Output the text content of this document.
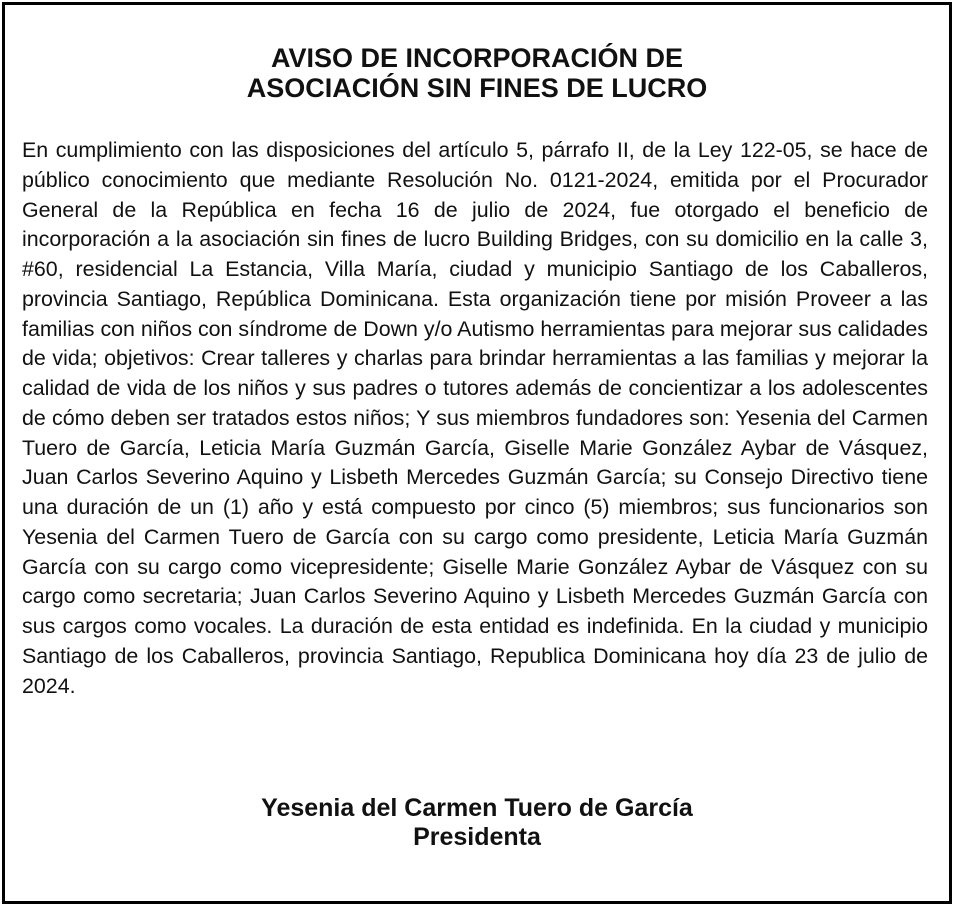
AVISO DE INCORPORACIÓN DE
ASOCIACIÓN SIN FINES DE LUCRO

En cumplimiento con las disposiciones del artículo 5, párrafo II, de la Ley 122-05, se hace de público conocimiento que mediante Resolución No. 0121-2024, emitida por el Procurador General de la República en fecha 16 de julio de 2024, fue otorgado el beneficio de incorporación a la asociación sin fines de lucro Building Bridges, con su domicilio en la calle 3, #60, residencial La Estancia, Villa María, ciudad y municipio Santiago de los Caballeros, provincia Santiago, República Dominicana. Esta organización tiene por misión Proveer a las familias con niños con síndrome de Down y/o Autismo herramientas para mejorar sus calidades de vida; objetivos: Crear talleres y charlas para brindar herramientas a las familias y mejorar la calidad de vida de los niños y sus padres o tutores además de concientizar a los adolescentes de cómo deben ser tratados estos niños; Y sus miembros fundadores son: Yesenia del Carmen Tuero de García, Leticia María Guzmán García, Giselle Marie González Aybar de Vásquez, Juan Carlos Severino Aquino y Lisbeth Mercedes Guzmán García; su Consejo Directivo tiene una duración de un (1) año y está compuesto por cinco (5) miembros; sus funcionarios son Yesenia del Carmen Tuero de García con su cargo como presidente, Leticia María Guzmán García con su cargo como vicepresidente; Giselle Marie González Aybar de Vásquez con su cargo como secretaria; Juan Carlos Severino Aquino y Lisbeth Mercedes Guzmán García con sus cargos como vocales. La duración de esta entidad es indefinida. En la ciudad y municipio Santiago de los Caballeros, provincia Santiago, Republica Dominicana hoy día 23 de julio de 2024.

Yesenia del Carmen Tuero de García
Presidenta
